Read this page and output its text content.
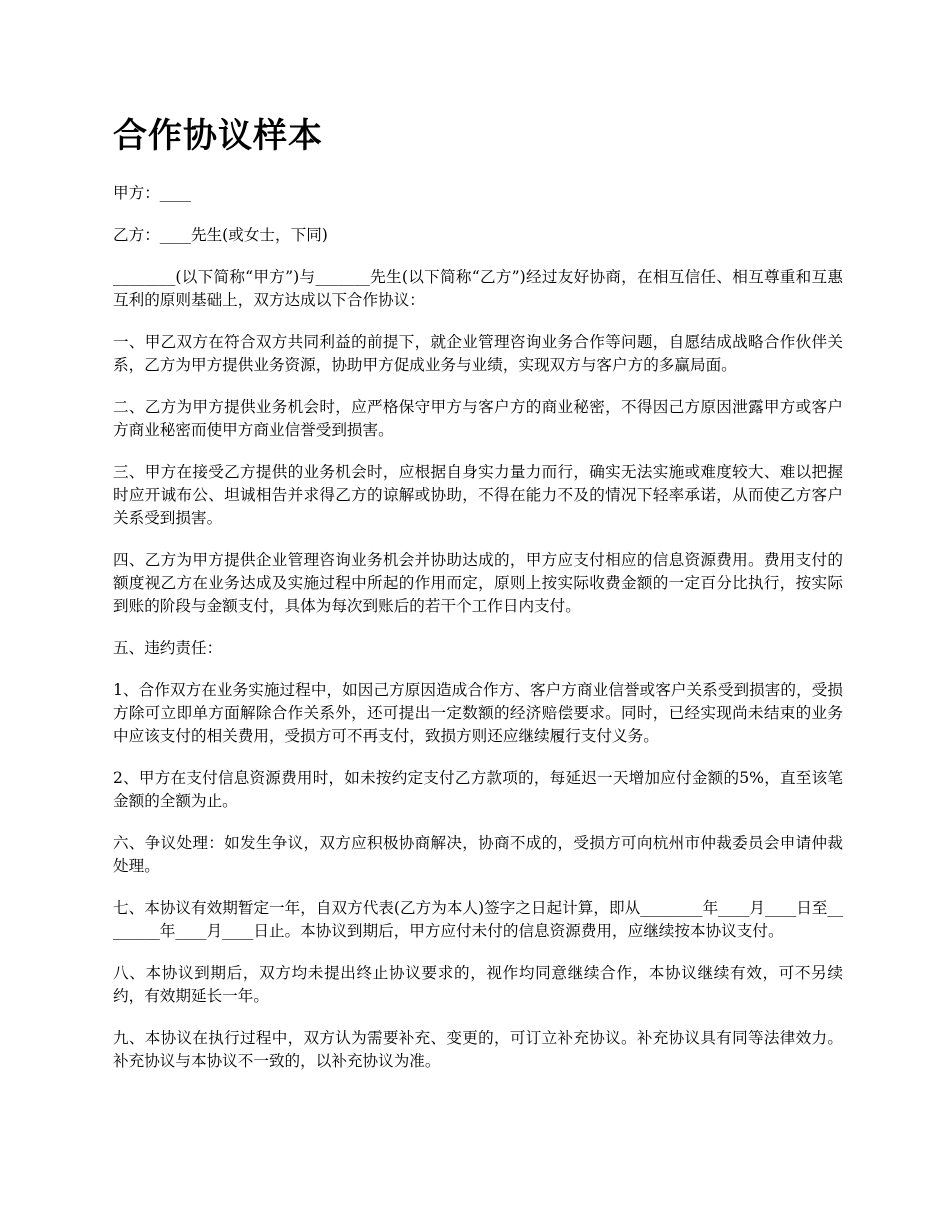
合作协议样本

甲方：____

乙方：____先生(或女士，下同)

________(以下简称“甲方”)与_______先生(以下简称“乙方”)经过友好协商，在相互信任、相互尊重和互惠互利的原则基础上，双方达成以下合作协议：

一、甲乙双方在符合双方共同利益的前提下，就企业管理咨询业务合作等问题，自愿结成战略合作伙伴关系，乙方为甲方提供业务资源，协助甲方促成业务与业绩，实现双方与客户方的多赢局面。

二、乙方为甲方提供业务机会时，应严格保守甲方与客户方的商业秘密，不得因己方原因泄露甲方或客户方商业秘密而使甲方商业信誉受到损害。

三、甲方在接受乙方提供的业务机会时，应根据自身实力量力而行，确实无法实施或难度较大、难以把握时应开诚布公、坦诚相告并求得乙方的谅解或协助，不得在能力不及的情况下轻率承诺，从而使乙方客户关系受到损害。

四、乙方为甲方提供企业管理咨询业务机会并协助达成的，甲方应支付相应的信息资源费用。费用支付的额度视乙方在业务达成及实施过程中所起的作用而定，原则上按实际收费金额的一定百分比执行，按实际到账的阶段与金额支付，具体为每次到账后的若干个工作日内支付。

五、违约责任：

1、合作双方在业务实施过程中，如因己方原因造成合作方、客户方商业信誉或客户关系受到损害的，受损方除可立即单方面解除合作关系外，还可提出一定数额的经济赔偿要求。同时，已经实现尚未结束的业务中应该支付的相关费用，受损方可不再支付，致损方则还应继续履行支付义务。

2、甲方在支付信息资源费用时，如未按约定支付乙方款项的，每延迟一天增加应付金额的5%，直至该笔金额的全额为止。

六、争议处理：如发生争议，双方应积极协商解决，协商不成的，受损方可向杭州市仲裁委员会申请仲裁处理。

七、本协议有效期暂定一年，自双方代表(乙方为本人)签字之日起计算，即从________年____月____日至________年____月____日止。本协议到期后，甲方应付未付的信息资源费用，应继续按本协议支付。

八、本协议到期后，双方均未提出终止协议要求的，视作均同意继续合作，本协议继续有效，可不另续约，有效期延长一年。

九、本协议在执行过程中，双方认为需要补充、变更的，可订立补充协议。补充协议具有同等法律效力。补充协议与本协议不一致的，以补充协议为准。
